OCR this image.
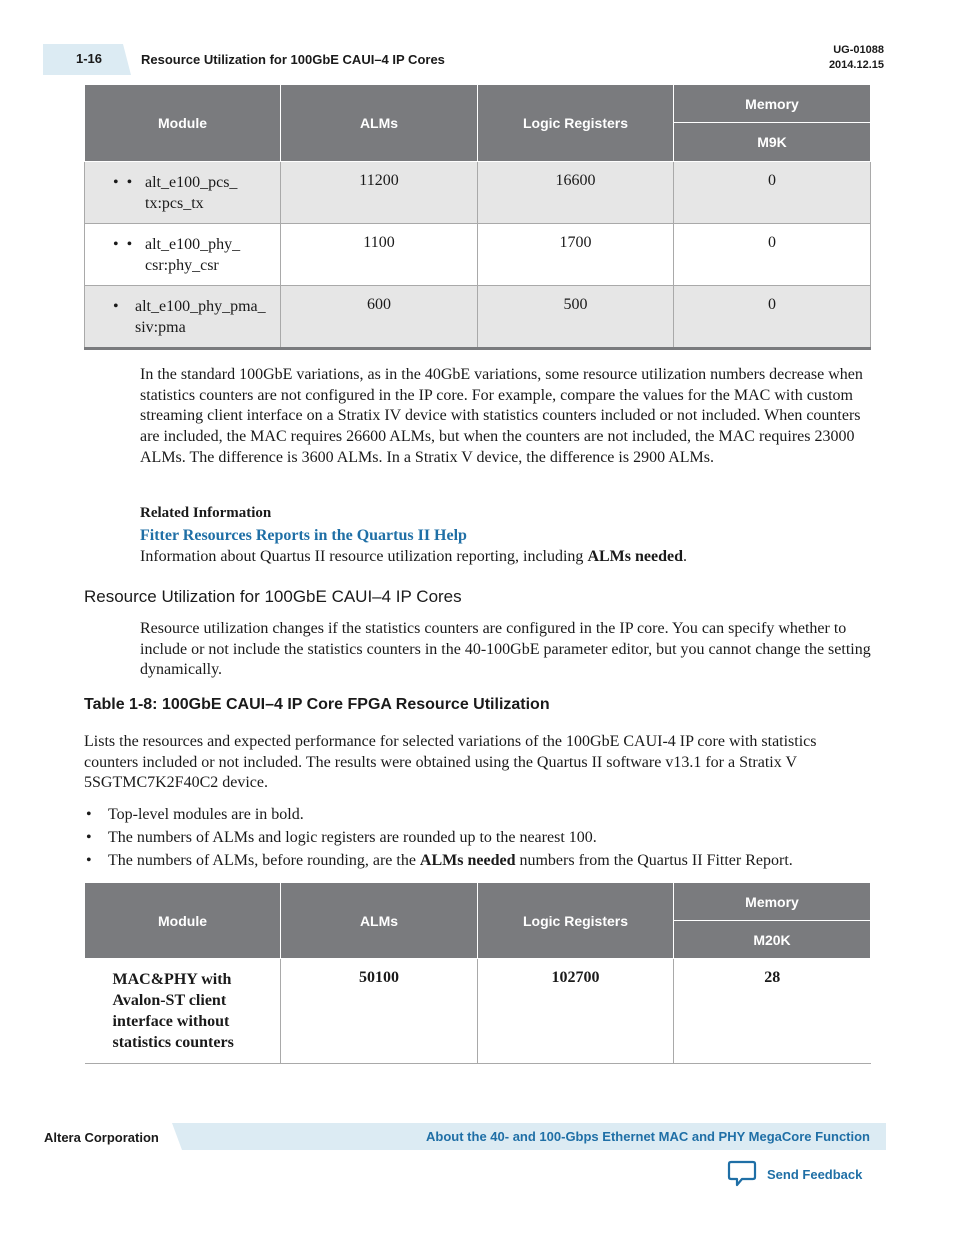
1-16	Resource Utilization for 100GbE CAUI–4 IP Cores
UG-01088
2014.12.15
Module	ALMs	Logic Registers	Memory
			M9K

•  • alt_e100_pcs_
tx:pcs_tx	11200	16600	0

•  • alt_e100_phy_
csr:phy_csr	1100	1700	0

• alt_e100_phy_pma_
siv:pma	600	500	0
In the standard 100GbE variations, as in the 40GbE variations, some resource utilization numbers decrease when statistics counters are not configured in the IP core. For example, compare the values for the MAC with custom streaming client interface on a Stratix IV device with statistics counters included or not included. When counters are included, the MAC requires 26600 ALMs, but when the counters are not included, the MAC requires 23000 ALMs. The difference is 3600 ALMs. In a Stratix V device, the difference is 2900 ALMs.
Related Information
Fitter Resources Reports in the Quartus II Help
Information about Quartus II resource utilization reporting, including ALMs needed.
Resource Utilization for 100GbE CAUI–4 IP Cores
Resource utilization changes if the statistics counters are configured in the IP core. You can specify whether to include or not include the statistics counters in the 40-100GbE parameter editor, but you cannot change the setting dynamically.
Table 1-8: 100GbE CAUI–4 IP Core FPGA Resource Utilization
Lists the resources and expected performance for selected variations of the 100GbE CAUI-4 IP core with statistics counters included or not included. The results were obtained using the Quartus II software v13.1 for a Stratix V 5SGTMC7K2F40C2 device.
•	Top-level modules are in bold.
•	The numbers of ALMs and logic registers are rounded up to the nearest 100.
•	The numbers of ALMs, before rounding, are the ALMs needed numbers from the Quartus II Fitter Report.
Module	ALMs	Logic Registers	Memory
			M20K

MAC&PHY with
Avalon-ST client
interface without
statistics counters	50100	102700	28
Altera Corporation	About the 40- and 100-Gbps Ethernet MAC and PHY MegaCore Function
Send Feedback
